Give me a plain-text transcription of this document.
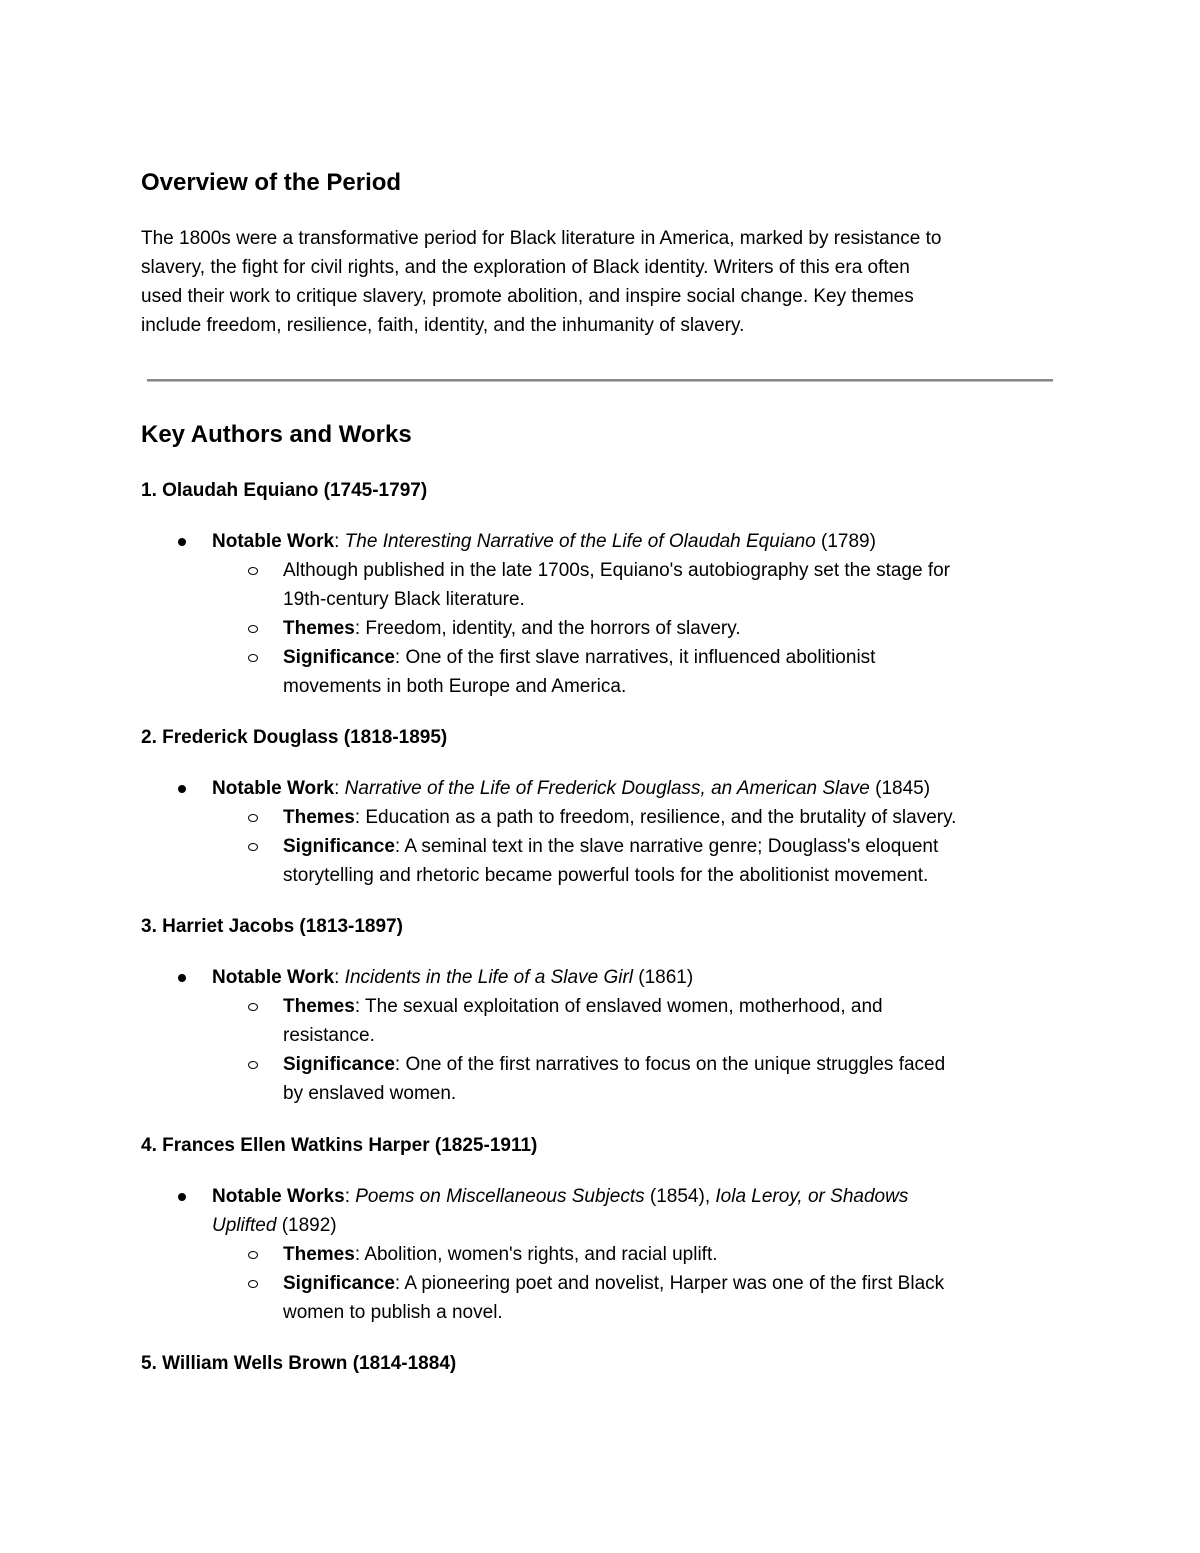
Overview of the Period
The 1800s were a transformative period for Black literature in America, marked by resistance to
slavery, the fight for civil rights, and the exploration of Black identity. Writers of this era often
used their work to critique slavery, promote abolition, and inspire social change. Key themes
include freedom, resilience, faith, identity, and the inhumanity of slavery.
Key Authors and Works
1. Olaudah Equiano (1745-1797)
Notable Work: The Interesting Narrative of the Life of Olaudah Equiano (1789)
Although published in the late 1700s, Equiano's autobiography set the stage for
19th-century Black literature.
Themes: Freedom, identity, and the horrors of slavery.
Significance: One of the first slave narratives, it influenced abolitionist
movements in both Europe and America.
2. Frederick Douglass (1818-1895)
Notable Work: Narrative of the Life of Frederick Douglass, an American Slave (1845)
Themes: Education as a path to freedom, resilience, and the brutality of slavery.
Significance: A seminal text in the slave narrative genre; Douglass's eloquent
storytelling and rhetoric became powerful tools for the abolitionist movement.
3. Harriet Jacobs (1813-1897)
Notable Work: Incidents in the Life of a Slave Girl (1861)
Themes: The sexual exploitation of enslaved women, motherhood, and
resistance.
Significance: One of the first narratives to focus on the unique struggles faced
by enslaved women.
4. Frances Ellen Watkins Harper (1825-1911)
Notable Works: Poems on Miscellaneous Subjects (1854), Iola Leroy, or Shadows
Uplifted (1892)
Themes: Abolition, women's rights, and racial uplift.
Significance: A pioneering poet and novelist, Harper was one of the first Black
women to publish a novel.
5. William Wells Brown (1814-1884)
